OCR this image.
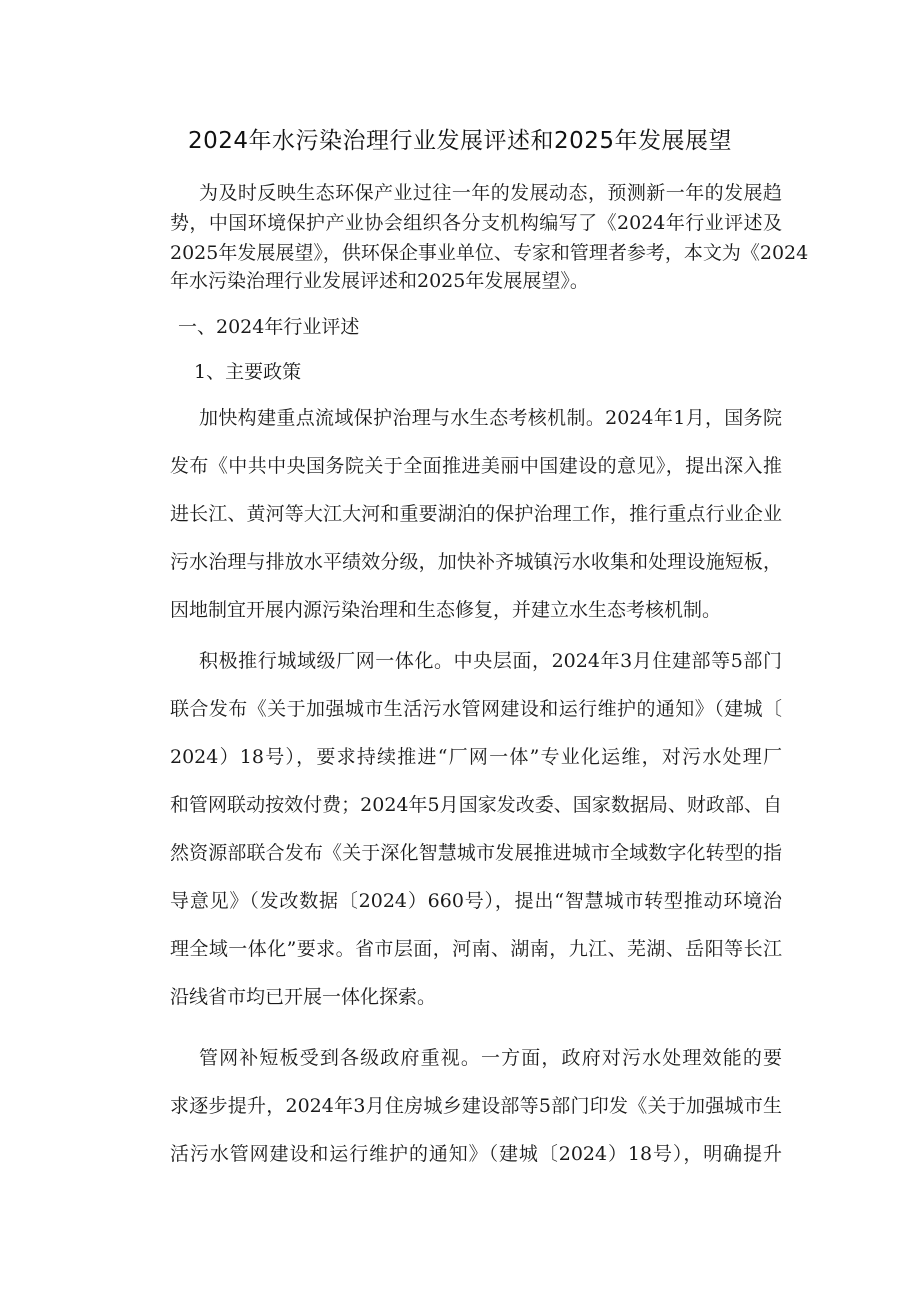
2024年水污染治理行业发展评述和2025年发展展望
为及时反映生态环保产业过往一年的发展动态，预测新一年的发展趋
势，中国环境保护产业协会组织各分支机构编写了《2024年行业评述及
2025年发展展望》，供环保企事业单位、专家和管理者参考，本文为《2024
年水污染治理行业发展评述和2025年发展展望》。
一、2024年行业评述
1、主要政策
加快构建重点流域保护治理与水生态考核机制。2024年1月，国务院
发布《中共中央国务院关于全面推进美丽中国建设的意见》，提出深入推
进长江、黄河等大江大河和重要湖泊的保护治理工作，推行重点行业企业
污水治理与排放水平绩效分级，加快补齐城镇污水收集和处理设施短板，
因地制宜开展内源污染治理和生态修复，并建立水生态考核机制。
积极推行城域级厂网一体化。中央层面，2024年3月住建部等5部门
联合发布《关于加强城市生活污水管网建设和运行维护的通知》（建城〔
2024）18号），要求持续推进“厂网一体”专业化运维，对污水处理厂
和管网联动按效付费；2024年5月国家发改委、国家数据局、财政部、自
然资源部联合发布《关于深化智慧城市发展推进城市全域数字化转型的指
导意见》（发改数据〔2024）660号），提出“智慧城市转型推动环境治
理全域一体化”要求。省市层面，河南、湖南，九江、芜湖、岳阳等长江
沿线省市均已开展一体化探索。
管网补短板受到各级政府重视。一方面，政府对污水处理效能的要
求逐步提升，2024年3月住房城乡建设部等5部门印发《关于加强城市生
活污水管网建设和运行维护的通知》（建城〔2024）18号），明确提升
